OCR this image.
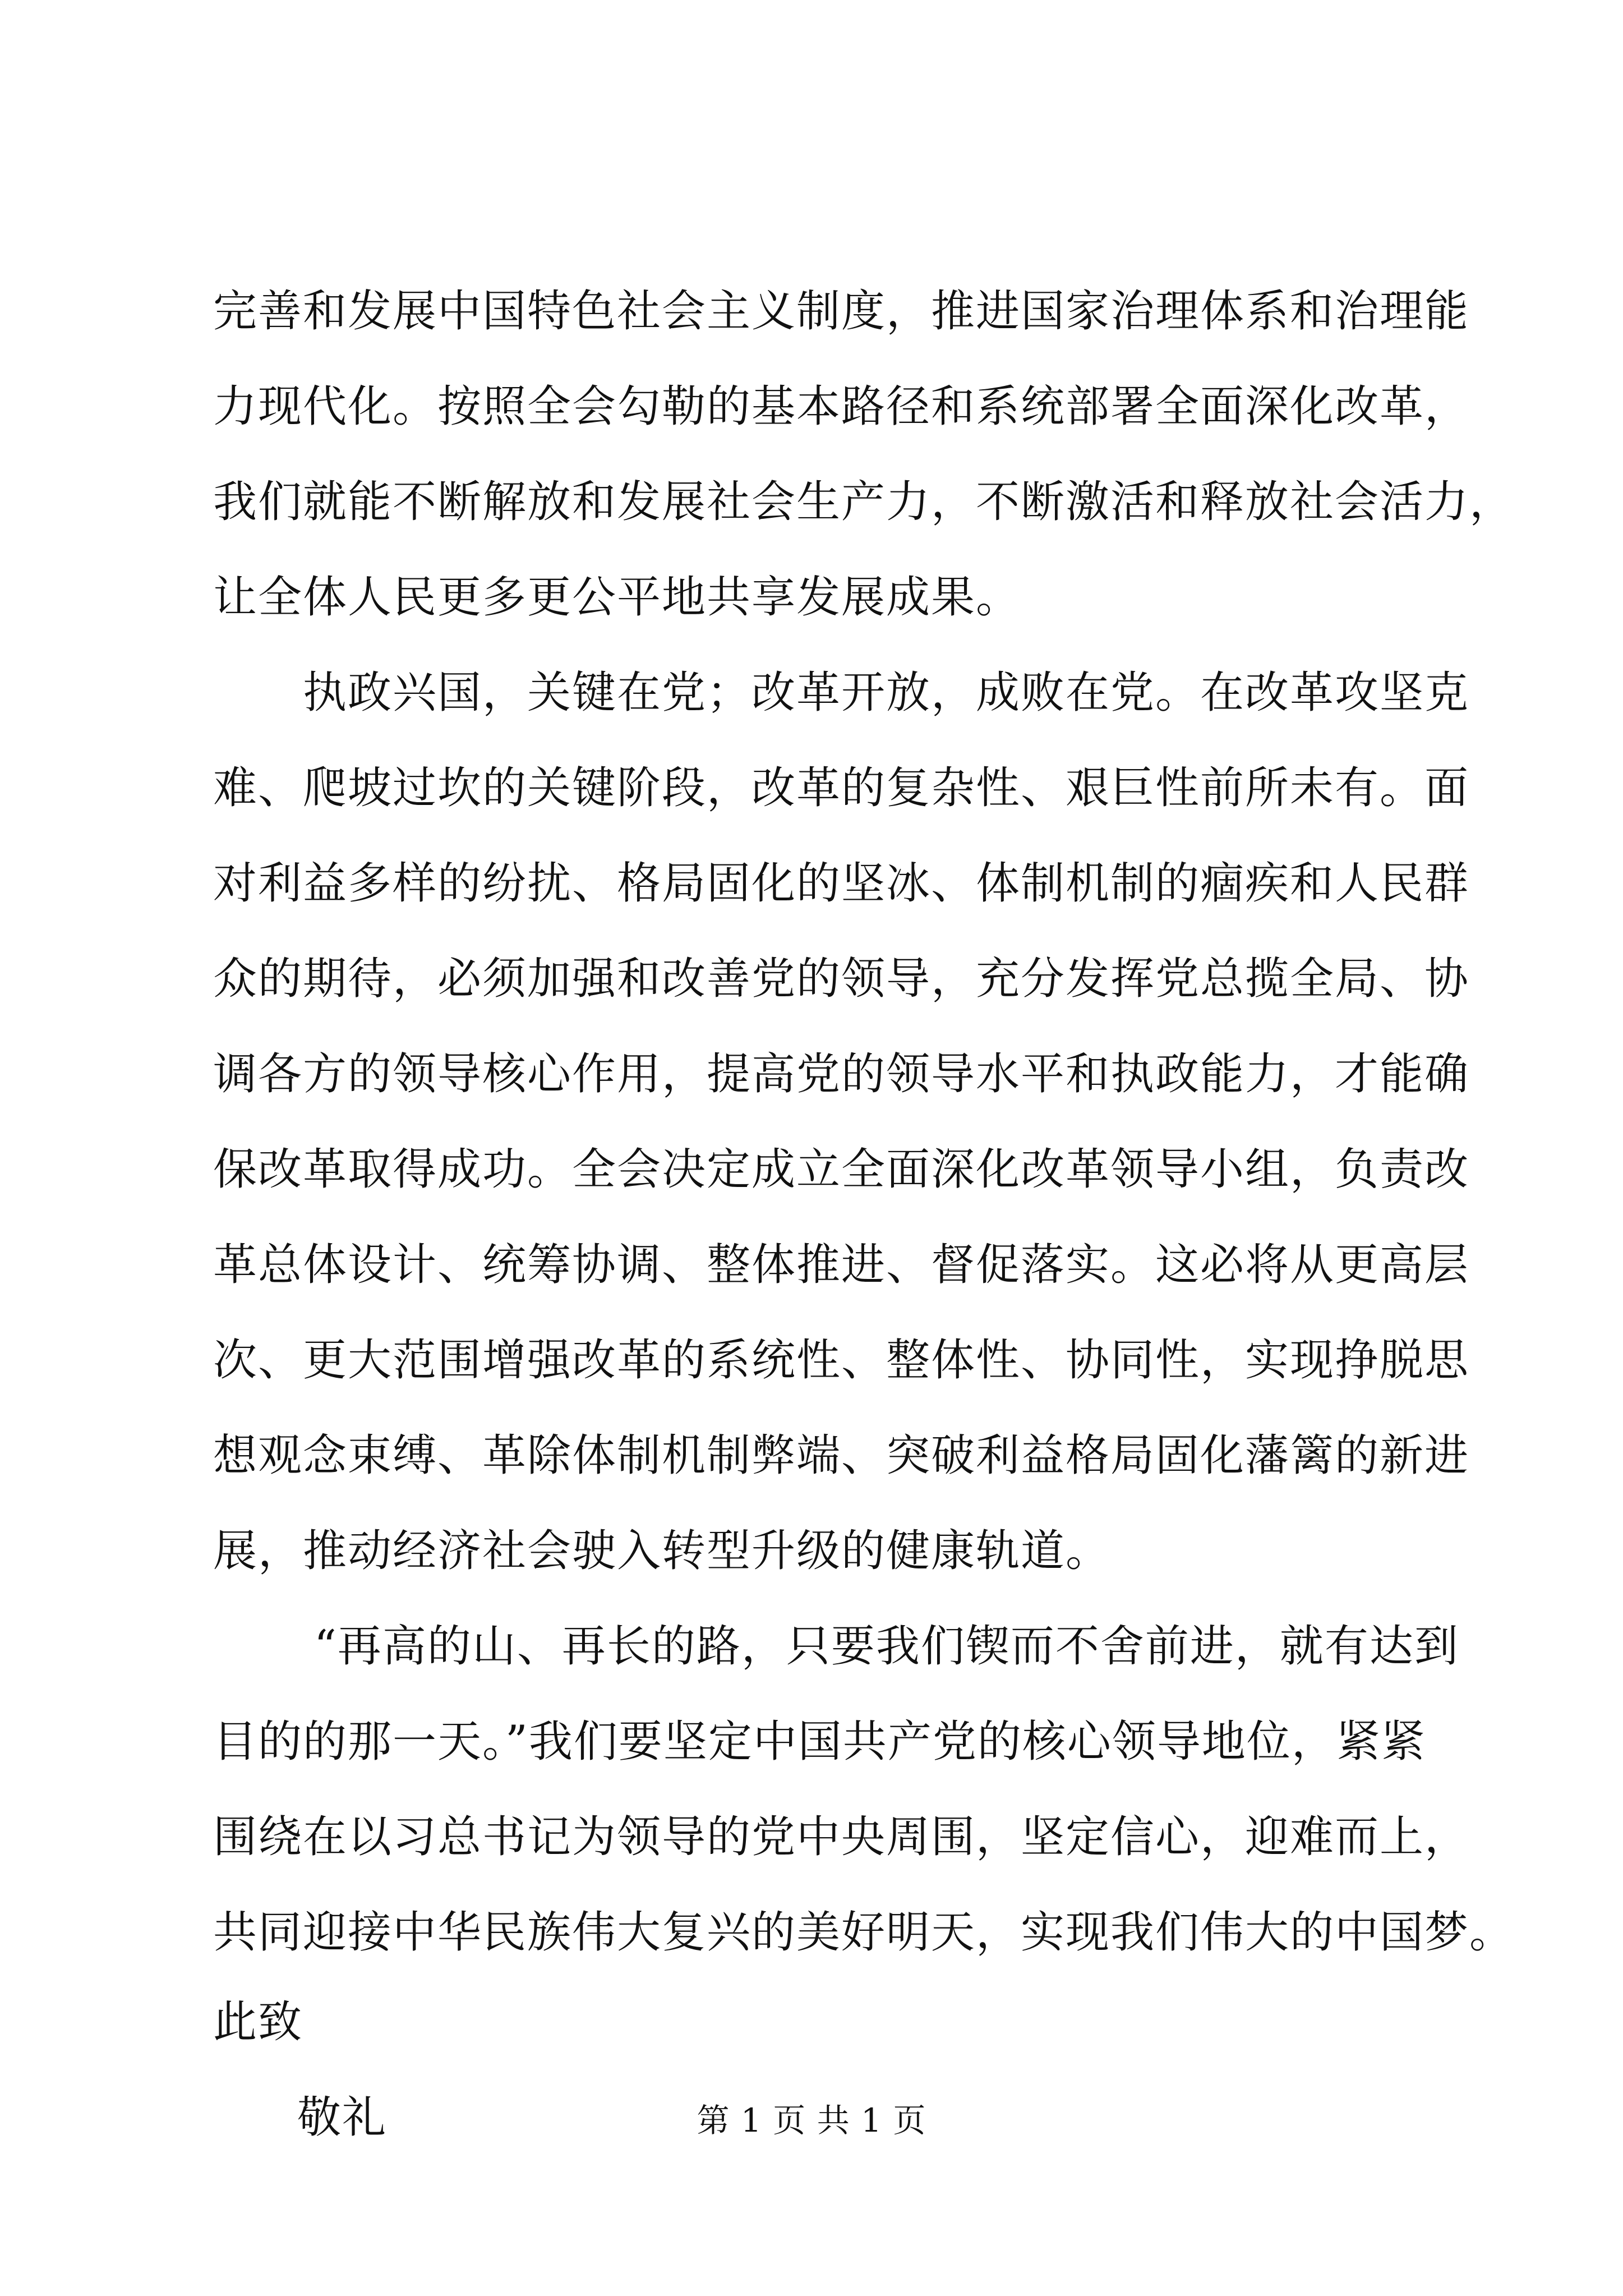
完善和发展中国特色社会主义制度，推进国家治理体系和治理能
力现代化。按照全会勾勒的基本路径和系统部署全面深化改革，
我们就能不断解放和发展社会生产力，不断激活和释放社会活力，
让全体人民更多更公平地共享发展成果。
执政兴国，关键在党；改革开放，成败在党。在改革攻坚克
难、爬坡过坎的关键阶段，改革的复杂性、艰巨性前所未有。面
对利益多样的纷扰、格局固化的坚冰、体制机制的痼疾和人民群
众的期待，必须加强和改善党的领导，充分发挥党总揽全局、协
调各方的领导核心作用，提高党的领导水平和执政能力，才能确
保改革取得成功。全会决定成立全面深化改革领导小组，负责改
革总体设计、统筹协调、整体推进、督促落实。这必将从更高层
次、更大范围增强改革的系统性、整体性、协同性，实现挣脱思
想观念束缚、革除体制机制弊端、突破利益格局固化藩篱的新进
展，推动经济社会驶入转型升级的健康轨道。
“再高的山、再长的路，只要我们锲而不舍前进，就有达到
目的的那一天。”我们要坚定中国共产党的核心领导地位，紧紧
围绕在以习总书记为领导的党中央周围，坚定信心，迎难而上，
共同迎接中华民族伟大复兴的美好明天，实现我们伟大的中国梦。
此致
敬礼	第 1 页 共 1 页
